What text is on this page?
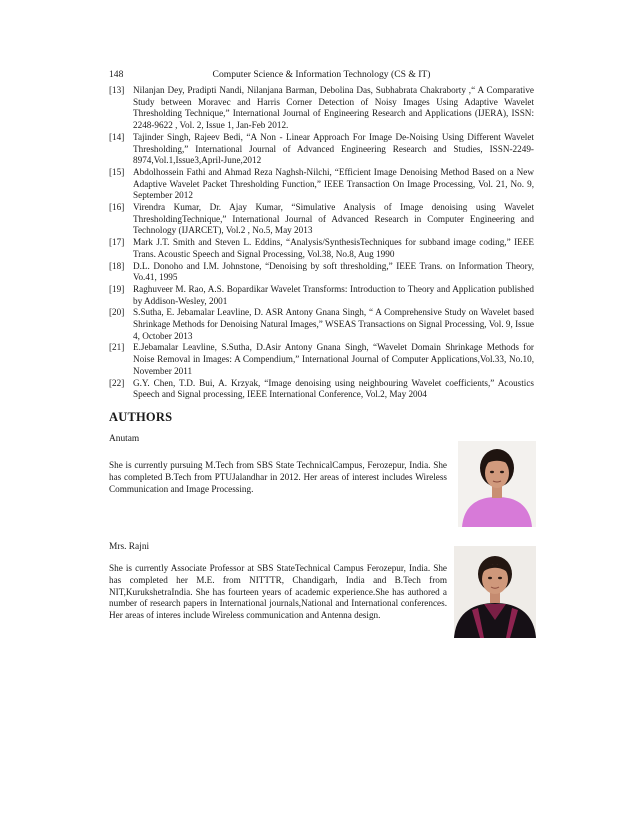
148	Computer Science & Information Technology (CS & IT)
[13] Nilanjan Dey, Pradipti Nandi, Nilanjana Barman, Debolina Das, Subhabrata Chakraborty ,“ A Comparative Study between Moravec and Harris Corner Detection of Noisy Images Using Adaptive Wavelet Thresholding Technique,” International Journal of Engineering Research and Applications (IJERA), ISSN: 2248-9622 , Vol. 2, Issue 1, Jan-Feb 2012.
[14] Tajinder Singh, Rajeev Bedi, “A Non - Linear Approach For Image De-Noising Using Different Wavelet Thresholding,” International Journal of Advanced Engineering Research and Studies, ISSN-2249-8974,Vol.1,Issue3,April-June,2012
[15] Abdolhossein Fathi and Ahmad Reza Naghsh-Nilchi, “Efficient Image Denoising Method Based on a New Adaptive Wavelet Packet Thresholding Function,” IEEE Transaction On Image Processing, Vol. 21, No. 9, September 2012
[16] Virendra Kumar, Dr. Ajay Kumar, “Simulative Analysis of Image denoising using Wavelet ThresholdingTechnique,” International Journal of Advanced Research in Computer Engineering and Technology (IJARCET), Vol.2 , No.5, May 2013
[17] Mark J.T. Smith and Steven L. Eddins, “Analysis/SynthesisTechniques for subband image coding,” IEEE Trans. Acoustic Speech and Signal Processing, Vol.38, No.8, Aug 1990
[18] D.L. Donoho and I.M. Johnstone, “Denoising by soft thresholding,” IEEE Trans. on Information Theory, Vo.41, 1995
[19] Raghuveer M. Rao, A.S. Bopardikar Wavelet Transforms: Introduction to Theory and Application published by Addison-Wesley, 2001
[20] S.Sutha, E. Jebamalar Leavline, D. ASR Antony Gnana Singh, “ A Comprehensive Study on Wavelet based Shrinkage Methods for Denoising Natural Images,” WSEAS Transactions on Signal Processing, Vol. 9, Issue 4, October 2013
[21] E.Jebamalar Leavline, S.Sutha, D.Asir Antony Gnana Singh, “Wavelet Domain Shrinkage Methods for Noise Removal in Images: A Compendium,” International Journal of Computer Applications,Vol.33, No.10, November 2011
[22] G.Y. Chen, T.D. Bui, A. Krzyak, “Image denoising using neighbouring Wavelet coefficients,” Acoustics Speech and Signal processing, IEEE International Conference, Vol.2, May 2004
AUTHORS
Anutam
She is currently pursuing M.Tech from SBS State TechnicalCampus, Ferozepur, India. She has completed B.Tech from PTUJalandhar in 2012. Her areas of interest includes Wireless Communication and Image Processing.
Mrs. Rajni
She is currently Associate Professor at SBS StateTechnical Campus Ferozepur, India. She has completed her M.E. from NITTTR, Chandigarh, India and B.Tech from NIT,KurukshetraIndia. She has fourteen years of academic experience.She has authored a number of research papers in International journals,National and International conferences. Her areas of interes include Wireless communication and Antenna design.
